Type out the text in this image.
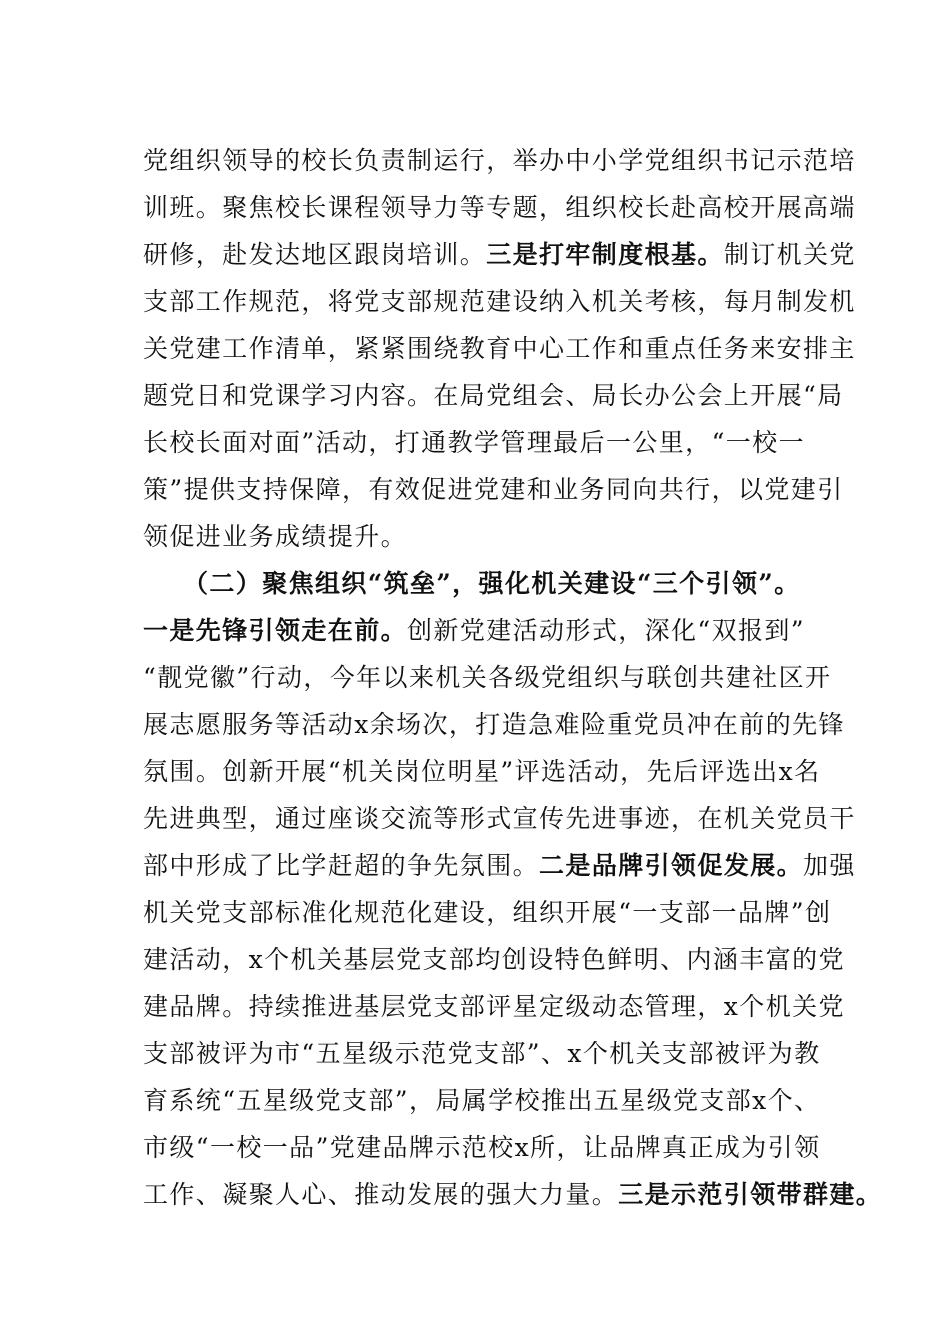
党组织领导的校长负责制运行，举办中小学党组织书记示范培
训班。聚焦校长课程领导力等专题，组织校长赴高校开展高端
研修，赴发达地区跟岗培训。三是打牢制度根基。制订机关党
支部工作规范，将党支部规范建设纳入机关考核，每月制发机
关党建工作清单，紧紧围绕教育中心工作和重点任务来安排主
题党日和党课学习内容。在局党组会、局长办公会上开展“局
长校长面对面”活动，打通教学管理最后一公里，“一校一
策”提供支持保障，有效促进党建和业务同向共行，以党建引
领促进业务成绩提升。
（二）聚焦组织“筑垒”，强化机关建设“三个引领”。
一是先锋引领走在前。创新党建活动形式，深化“双报到”
“靓党徽”行动，今年以来机关各级党组织与联创共建社区开
展志愿服务等活动x余场次，打造急难险重党员冲在前的先锋
氛围。创新开展“机关岗位明星”评选活动，先后评选出x名
先进典型，通过座谈交流等形式宣传先进事迹，在机关党员干
部中形成了比学赶超的争先氛围。二是品牌引领促发展。加强
机关党支部标准化规范化建设，组织开展“一支部一品牌”创
建活动，x个机关基层党支部均创设特色鲜明、内涵丰富的党
建品牌。持续推进基层党支部评星定级动态管理，x个机关党
支部被评为市“五星级示范党支部”、x个机关支部被评为教
育系统“五星级党支部”，局属学校推出五星级党支部x个、
市级“一校一品”党建品牌示范校x所，让品牌真正成为引领
工作、凝聚人心、推动发展的强大力量。三是示范引领带群建。
